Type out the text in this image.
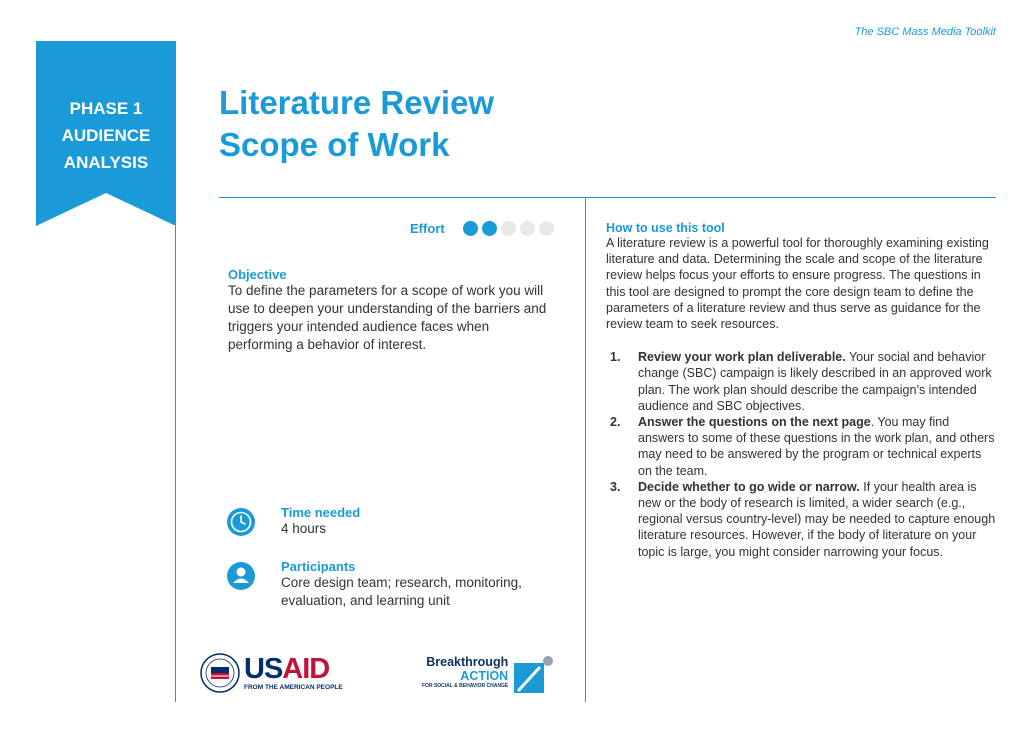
The SBC Mass Media Toolkit
PHASE 1
AUDIENCE
ANALYSIS
Literature Review
Scope of Work
Effort

Objective

To define the parameters for a scope of work you will use to deepen your understanding of the barriers and triggers your intended audience faces when performing a behavior of interest.

Time needed

4 hours

Participants

Core design team; research, monitoring, evaluation, and learning unit

How to use this tool

A literature review is a powerful tool for thoroughly examining existing literature and data. Determining the scale and scope of the literature review helps focus your efforts to ensure progress. The questions in this tool are designed to prompt the core design team to define the parameters of a literature review and thus serve as guidance for the review team to seek resources.

1. Review your work plan deliverable. Your social and behavior change (SBC) campaign is likely described in an approved work plan. The work plan should describe the campaign’s intended audience and SBC objectives.
2. Answer the questions on the next page. You may find answers to some of these questions in the work plan, and others may need to be answered by the program or technical experts on the team.
3. Decide whether to go wide or narrow. If your health area is new or the body of research is limited, a wider search (e.g., regional versus country-level) may be needed to capture enough literature resources. However, if the body of literature on your topic is large, you might consider narrowing your focus.
USAID
FROM THE AMERICAN PEOPLE
Breakthrough
ACTION
FOR SOCIAL & BEHAVIOR CHANGE
